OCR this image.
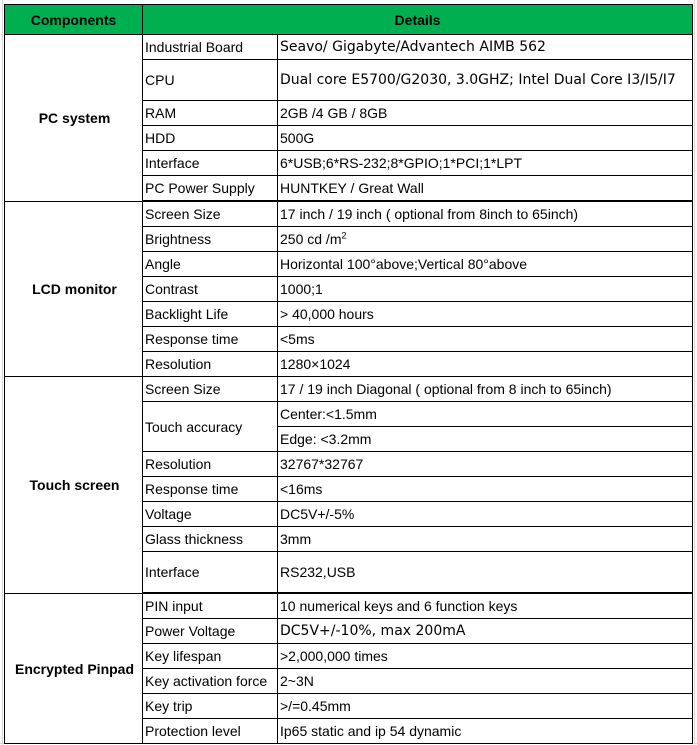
Components	Details	
PC system	Industrial Board	Seavo/ Gigabyte/Advantech AIMB 562
	CPU	Dual core E5700/G2030, 3.0GHZ; Intel Dual Core I3/I5/I7
	RAM	2GB /4 GB / 8GB
	HDD	500G
	Interface	6*USB;6*RS-232;8*GPIO;1*PCI;1*LPT
	PC Power Supply	HUNTKEY / Great Wall

LCD monitor	Screen Size	17 inch / 19 inch ( optional from 8inch to 65inch)
	Brightness	250 cd $/m^2$
	Angle	Horizontal 100°above;Vertical 80°above
	Contrast	1000;1
	Backlight Life	> 40,000 hours
	Response time	<5ms
	Resolution	1280×1024
Touch screen	Screen Size	17 / 19 inch Diagonal ( optional from 8 inch to 65inch)
	Touch accuracy	Center:<1.5mm
		Edge: <3.2mm
	Resolution	32767*32767
	Response time	<16ms
	Voltage	DC5V+/-5%
	Glass thickness	3mm
	Interface	RS232,USB

Encrypted Pinpad	PIN input	10 numerical keys and 6 function keys
	Power Voltage	DC5V+/-10%, max 200mA
	Key lifespan	>2,000,000 times
	Key activation force	2~3N
	Key trip	>/=0.45mm
	Protection level	Ip65 static and ip 54 dynamic
